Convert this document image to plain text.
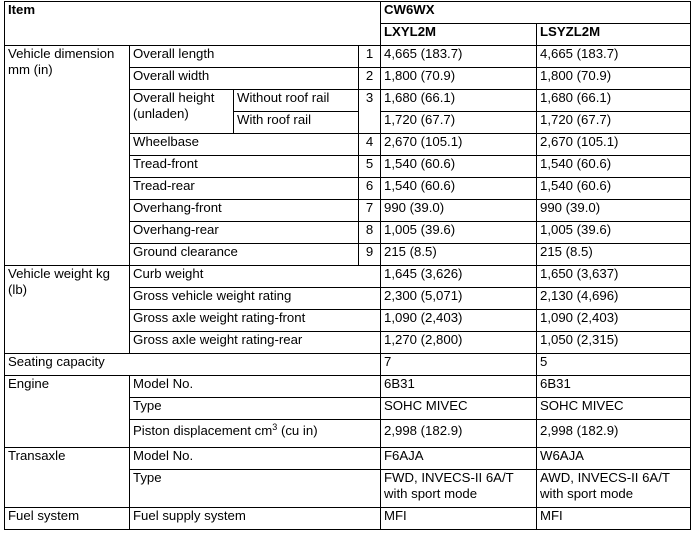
Item				CW6WX	
				LXYL2M	LSYZL2M
Vehicle dimension mm (in)	Overall length		1	4,665 (183.7)	4,665 (183.7)
	Overall width		2	1,800 (70.9)	1,800 (70.9)
	Overall height (unladen)	Without roof rail	3	1,680 (66.1)	1,680 (66.1)
		With roof rail		1,720 (67.7)	1,720 (67.7)
	Wheelbase		4	2,670 (105.1)	2,670 (105.1)
	Tread-front		5	1,540 (60.6)	1,540 (60.6)
	Tread-rear		6	1,540 (60.6)	1,540 (60.6)
	Overhang-front		7	990 (39.0)	990 (39.0)
	Overhang-rear		8	1,005 (39.6)	1,005 (39.6)
	Ground clearance		9	215 (8.5)	215 (8.5)
Vehicle weight kg (lb)	Curb weight			1,645 (3,626)	1,650 (3,637)
	Gross vehicle weight rating			2,300 (5,071)	2,130 (4,696)
	Gross axle weight rating-front			1,090 (2,403)	1,090 (2,403)
	Gross axle weight rating-rear			1,270 (2,800)	1,050 (2,315)
Seating capacity				7	5
Engine	Model No.			6B31	6B31
	Type			SOHC MIVEC	SOHC MIVEC
	Piston displacement $cm^3$ (cu in)			2,998 (182.9)	2,998 (182.9)
Transaxle	Model No.			F6AJA	W6AJA
	Type			FWD, INVECS-II 6A/T with sport mode	AWD, INVECS-II 6A/T with sport mode
Fuel system	Fuel supply system			MFI	MFI
